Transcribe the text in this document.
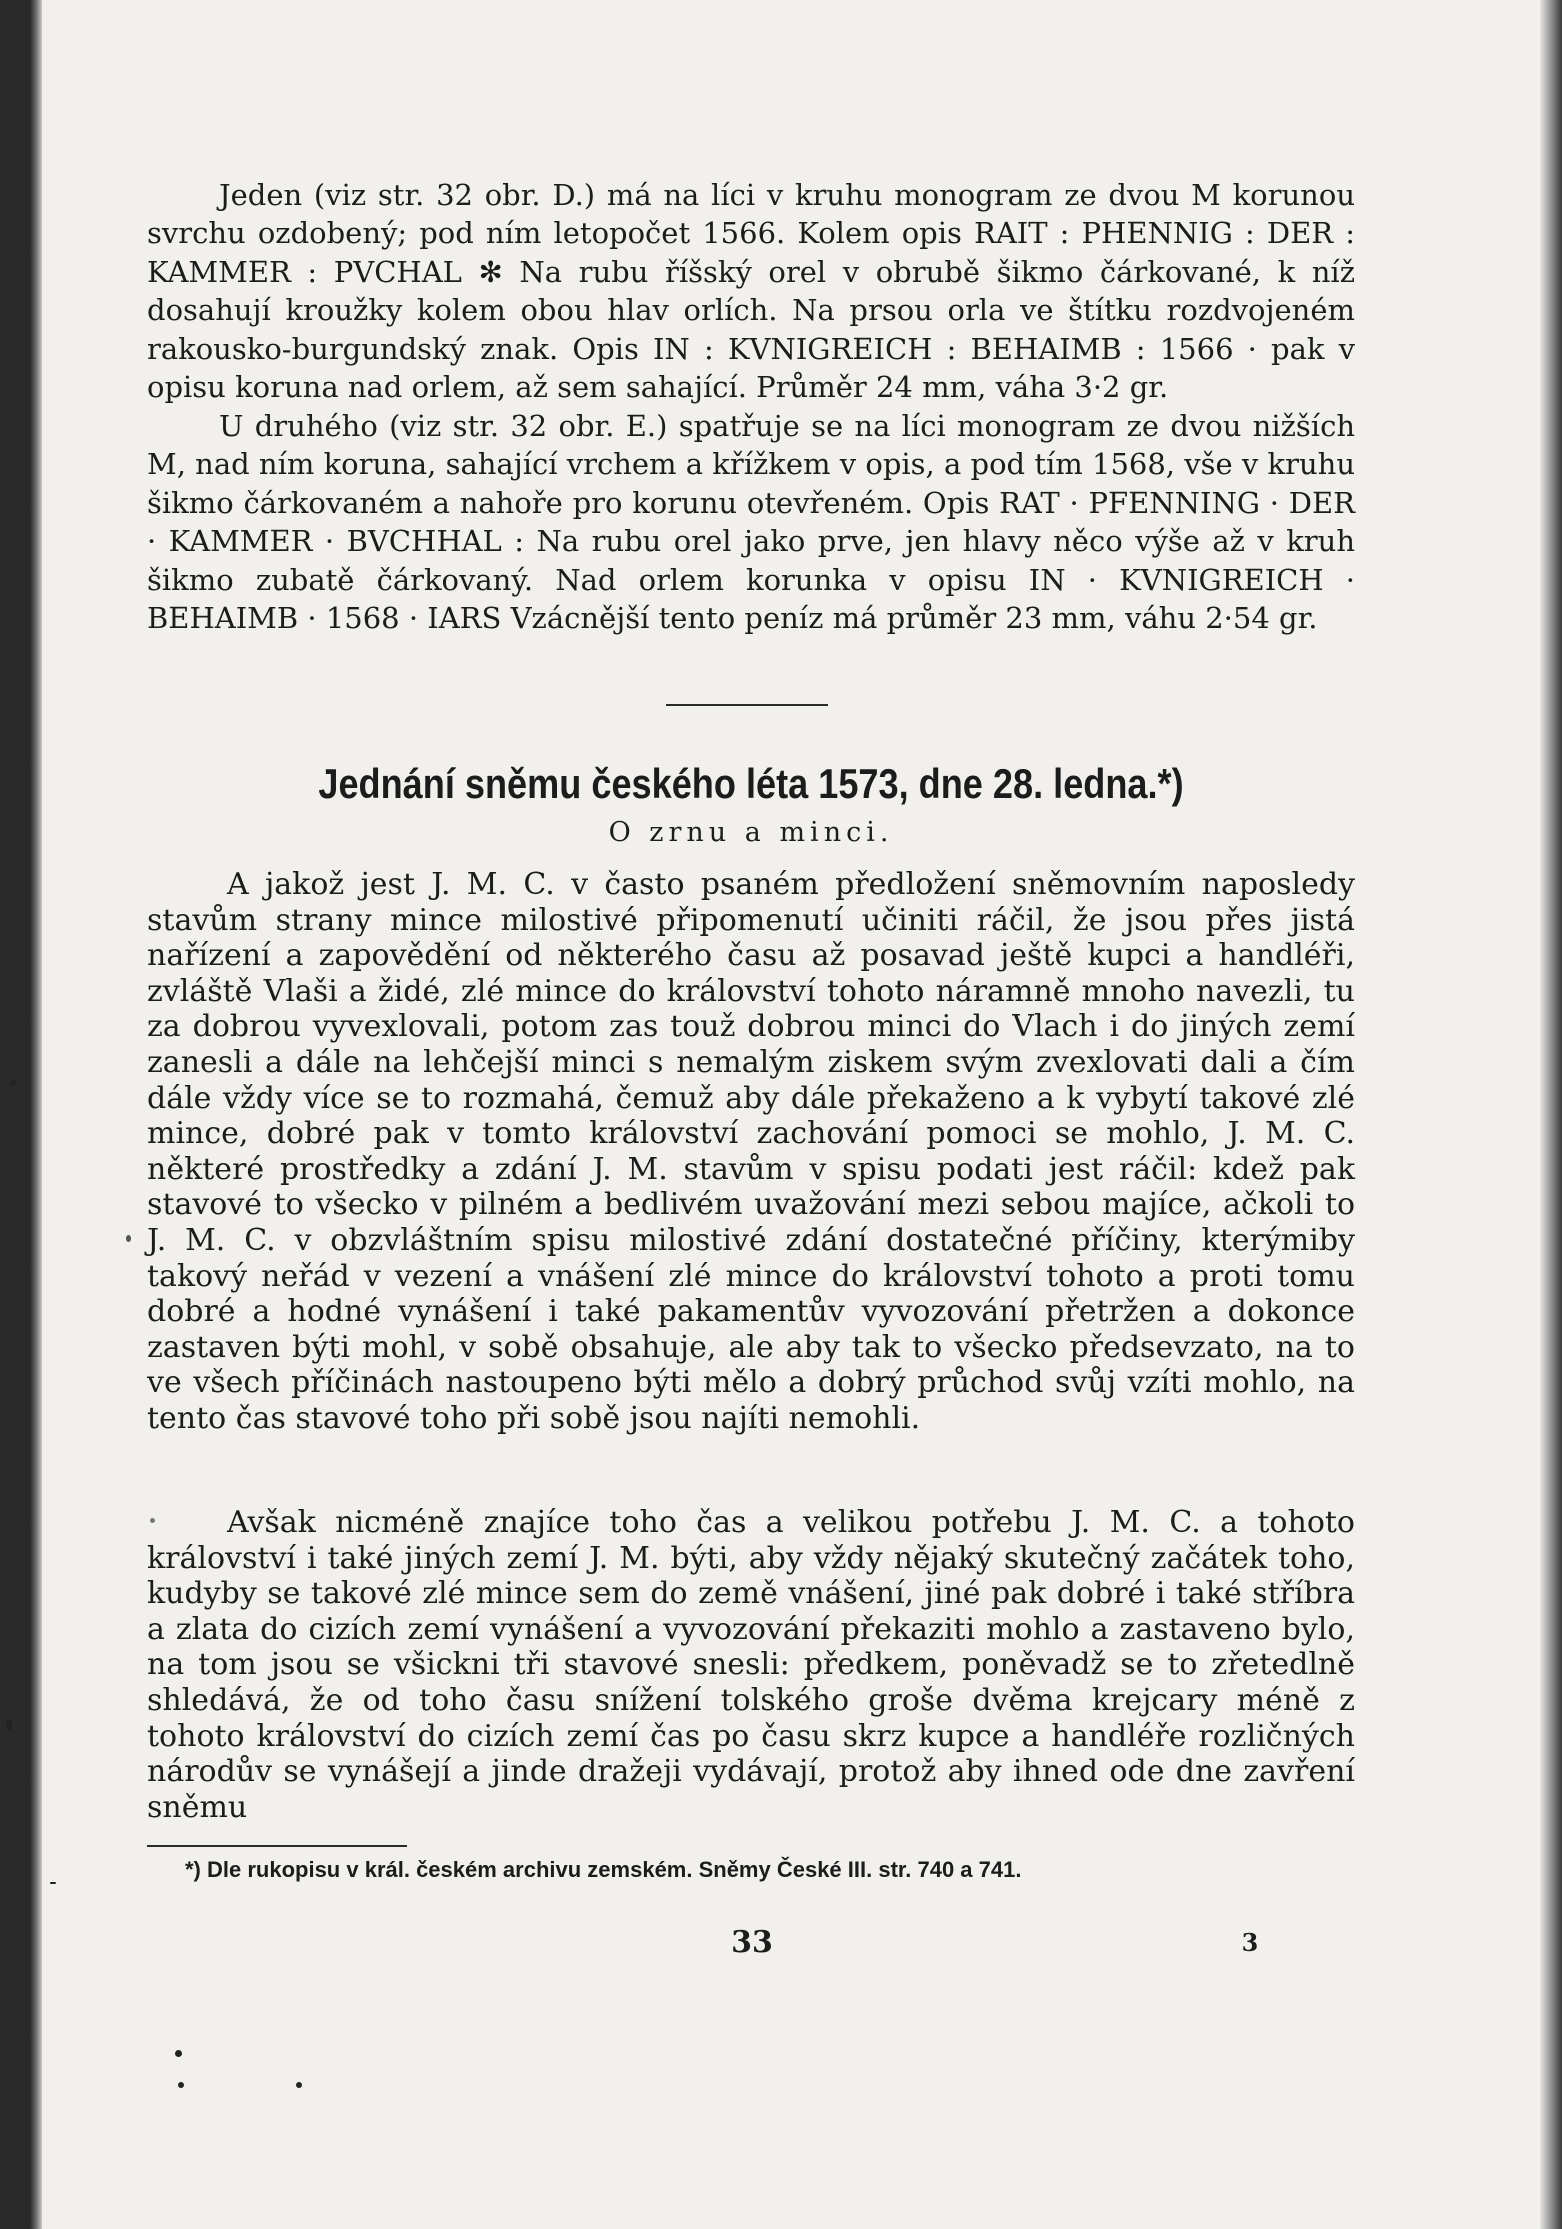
Jeden (viz str. 32 obr. D.) má na líci v kruhu monogram ze dvou M korunou svrchu ozdobený; pod ním letopočet 1566. Kolem opis RAIT : PHENNIG : DER : KAMMER : PVCHAL ✻ Na rubu říšský orel v obrubě šikmo čárkované, k níž dosahují kroužky kolem obou hlav orlích. Na prsou orla ve štítku rozdvojeném rakousko-burgundský znak. Opis IN : KVNIGREICH : BEHAIMB : 1566 · pak v opisu koruna nad orlem, až sem sahající. Průměr 24 mm, váha 3·2 gr.

U druhého (viz str. 32 obr. E.) spatřuje se na líci monogram ze dvou nižších M, nad ním koruna, sahající vrchem a křížkem v opis, a pod tím 1568, vše v kruhu šikmo čárkovaném a nahoře pro korunu otevřeném. Opis RAT · PFENNING · DER · KAMMER · BVCHHAL : Na rubu orel jako prve, jen hlavy něco výše až v kruh šikmo zubatě čárkovaný. Nad orlem korunka v opisu IN · KVNIGREICH · BEHAIMB · 1568 · IARS Vzácnější tento peníz má průměr 23 mm, váhu 2·54 gr.

Jednání sněmu českého léta 1573, dne 28. ledna.*)
O zrnu a minci.

A jakož jest J. M. C. v často psaném předložení sněmovním naposledy stavům strany mince milostivé připomenutí učiniti ráčil, že jsou přes jistá nařízení a zapovědění od některého času až posavad ještě kupci a handléři, zvláště Vlaši a židé, zlé mince do království tohoto náramně mnoho navezli, tu za dobrou vyvexlovali, potom zas touž dobrou minci do Vlach i do jiných zemí zanesli a dále na lehčejší minci s nemalým ziskem svým zvexlovati dali a čím dále vždy více se to rozmahá, čemuž aby dále překaženo a k vybytí takové zlé mince, dobré pak v tomto království zachování pomoci se mohlo, J. M. C. některé prostředky a zdání J. M. stavům v spisu podati jest ráčil: kdež pak stavové to všecko v pilném a bedlivém uvažování mezi sebou majíce, ačkoli to J. M. C. v obzvláštním spisu milostivé zdání dostatečné příčiny, kterýmiby takový neřád v vezení a vnášení zlé mince do království tohoto a proti tomu dobré a hodné vynášení i také pakamentův vyvozování přetržen a dokonce zastaven býti mohl, v sobě obsahuje, ale aby tak to všecko předsevzato, na to ve všech příčinách nastoupeno býti mělo a dobrý průchod svůj vzíti mohlo, na tento čas stavové toho při sobě jsou najíti nemohli.

Avšak nicméně znajíce toho čas a velikou potřebu J. M. C. a tohoto království i také jiných zemí J. M. býti, aby vždy nějaký skutečný začátek toho, kudyby se takové zlé mince sem do země vnášení, jiné pak dobré i také stříbra a zlata do cizích zemí vynášení a vyvozování překaziti mohlo a zastaveno bylo, na tom jsou se všickni tři stavové snesli: předkem, poněvadž se to zřetedlně shledává, že od toho času snížení tolského groše dvěma krejcary méně z tohoto království do cizích zemí čas po času skrz kupce a handléře rozličných národův se vynášejí a jinde dražeji vydávají, protož aby ihned ode dne zavření sněmu

*) Dle rukopisu v král. českém archivu zemském. Sněmy České III. str. 740 a 741.

33	3
